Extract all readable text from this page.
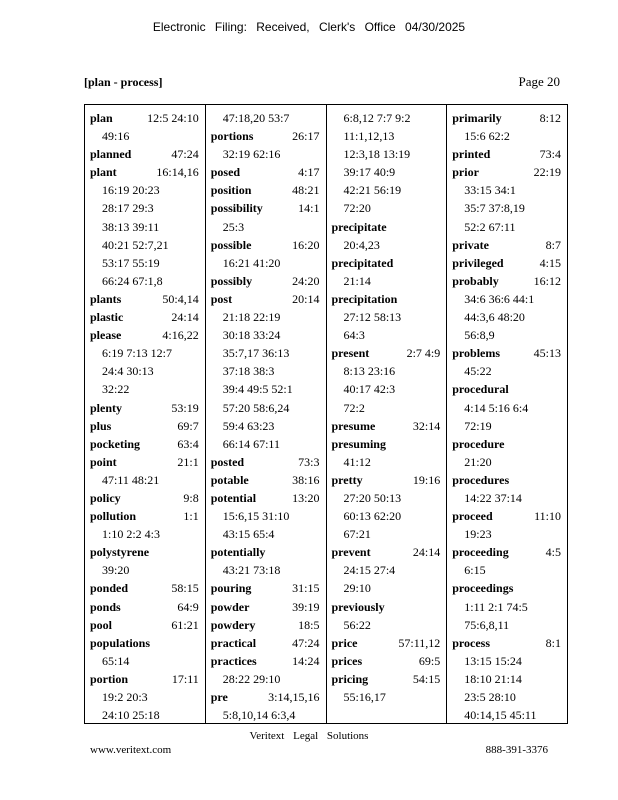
Electronic Filing: Received, Clerk's Office 04/30/2025
[plan - process]	Page 20
plan	12:5 24:10
49:16
planned	47:24
plant	16:14,16
16:19 20:23
28:17 29:3
38:13 39:11
40:21 52:7,21
53:17 55:19
66:24 67:1,8
plants	50:4,14
plastic	24:14
please	4:16,22
6:19 7:13 12:7
24:4 30:13
32:22
plenty	53:19
plus	69:7
pocketing	63:4
point	21:1
47:11 48:21
policy	9:8
pollution	1:1
1:10 2:2 4:3
polystyrene
39:20
ponded	58:15
ponds	64:9
pool	61:21
populations
65:14
portion	17:11
19:2 20:3
24:10 25:18
47:18,20 53:7
portions	26:17
32:19 62:16
posed	4:17
position	48:21
possibility	14:1
25:3
possible	16:20
16:21 41:20
possibly	24:20
post	20:14
21:18 22:19
30:18 33:24
35:7,17 36:13
37:18 38:3
39:4 49:5 52:1
57:20 58:6,24
59:4 63:23
66:14 67:11
posted	73:3
potable	38:16
potential	13:20
15:6,15 31:10
43:15 65:4
potentially
43:21 73:18
pouring	31:15
powder	39:19
powdery	18:5
practical	47:24
practices	14:24
28:22 29:10
pre	3:14,15,16
5:8,10,14 6:3,4
6:8,12 7:7 9:2
11:1,12,13
12:3,18 13:19
39:17 40:9
42:21 56:19
72:20
precipitate
20:4,23
precipitated
21:14
precipitation
27:12 58:13
64:3
present	2:7 4:9
8:13 23:16
40:17 42:3
72:2
presume	32:14
presuming
41:12
pretty	19:16
27:20 50:13
60:13 62:20
67:21
prevent	24:14
24:15 27:4
29:10
previously
56:22
price	57:11,12
prices	69:5
pricing	54:15
55:16,17
primarily	8:12
15:6 62:2
printed	73:4
prior	22:19
33:15 34:1
35:7 37:8,19
52:2 67:11
private	8:7
privileged	4:15
probably	16:12
34:6 36:6 44:1
44:3,6 48:20
56:8,9
problems	45:13
45:22
procedural
4:14 5:16 6:4
72:19
procedure
21:20
procedures
14:22 37:14
proceed	11:10
19:23
proceeding	4:5
6:15
proceedings
1:11 2:1 74:5
75:6,8,11
process	8:1
13:15 15:24
18:10 21:14
23:5 28:10
40:14,15 45:11
Veritext Legal Solutions
www.veritext.com	888-391-3376
